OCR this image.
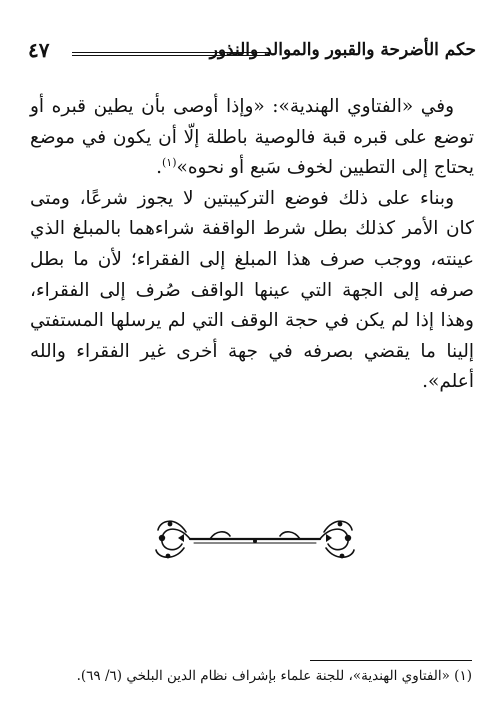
حكم الأضرحة والقبور والموالد والنذور
٤٧

وفي «الفتاوي الهندية»: «وإذا أوصى بأن يطين قبره أو توضع على قبره قبة فالوصية باطلة إلّا أن يكون في موضع يحتاج إلى التطيين لخوف سَبع أو نحوه»$^{(١)}$.

وبناء على ذلك فوضع التركيبتين لا يجوز شرعًا، ومتى كان الأمر كذلك بطل شرط الواقفة شراءهما بالمبلغ الذي عينته، ووجب صرف هذا المبلغ إلى الفقراء؛ لأن ما بطل صرفه إلى الجهة التي عينها الواقف صُرف إلى الفقراء، وهذا إذا لم يكن في حجة الوقف التي لم يرسلها المستفتي إلينا ما يقضي بصرفه في جهة أخرى غير الفقراء والله أعلم».

(١) «الفتاوي الهندية»، للجنة علماء بإشراف نظام الدين البلخي (٦/ ٦٩).
